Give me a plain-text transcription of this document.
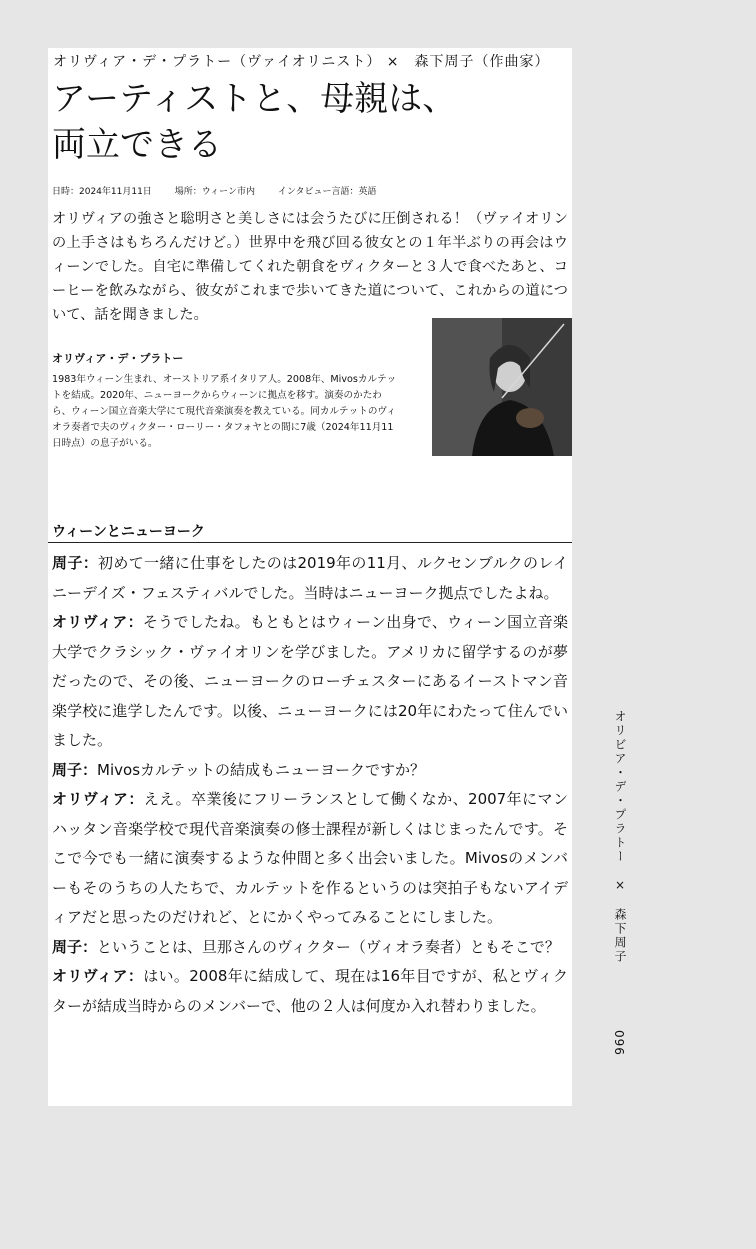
オリヴィア・デ・プラトー（ヴァイオリニスト） ×　森下周子（作曲家）
アーティストと、母親は、
両立できる
日時：2024年11月11日	場所：ウィーン市内	インタビュー言語：英語

オリヴィアの強さと聡明さと美しさには会うたびに圧倒される！（ヴァイオリンの上手さはもちろんだけど。）世界中を飛び回る彼女との１年半ぶりの再会はウィーンでした。自宅に準備してくれた朝食をヴィクターと３人で食べたあと、コーヒーを飲みながら、彼女がこれまで歩いてきた道について、これからの道について、話を聞きました。

オリヴィア・デ・プラトー

1983年ウィーン生まれ、オーストリア系イタリア人。2008年、Mivosカルテットを結成。2020年、ニューヨークからウィーンに拠点を移す。演奏のかたわら、ウィーン国立音楽大学にて現代音楽演奏を教えている。同カルテットのヴィオラ奏者で夫のヴィクター・ローリー・タフォヤとの間に7歳（2024年11月11日時点）の息子がいる。

ウィーンとニューヨーク

周子：初めて一緒に仕事をしたのは2019年の11月、ルクセンブルクのレイニーデイズ・フェスティバルでした。当時はニューヨーク拠点でしたよね。

オリヴィア：そうでしたね。もともとはウィーン出身で、ウィーン国立音楽大学でクラシック・ヴァイオリンを学びました。アメリカに留学するのが夢だったので、その後、ニューヨークのローチェスターにあるイーストマン音楽学校に進学したんです。以後、ニューヨークには20年にわたって住んでいました。

周子：Mivosカルテットの結成もニューヨークですか？

オリヴィア：ええ。卒業後にフリーランスとして働くなか、2007年にマンハッタン音楽学校で現代音楽演奏の修士課程が新しくはじまったんです。そこで今でも一緒に演奏するような仲間と多く出会いました。Mivosのメンバーもそのうちの人たちで、カルテットを作るというのは突拍子もないアイディアだと思ったのだけれど、とにかくやってみることにしました。

周子：ということは、旦那さんのヴィクター（ヴィオラ奏者）ともそこで？

オリヴィア：はい。2008年に結成して、現在は16年目ですが、私とヴィクターが結成当時からのメンバーで、他の２人は何度か入れ替わりました。

オリビア・デ・プラトー　×　森下周子
096
